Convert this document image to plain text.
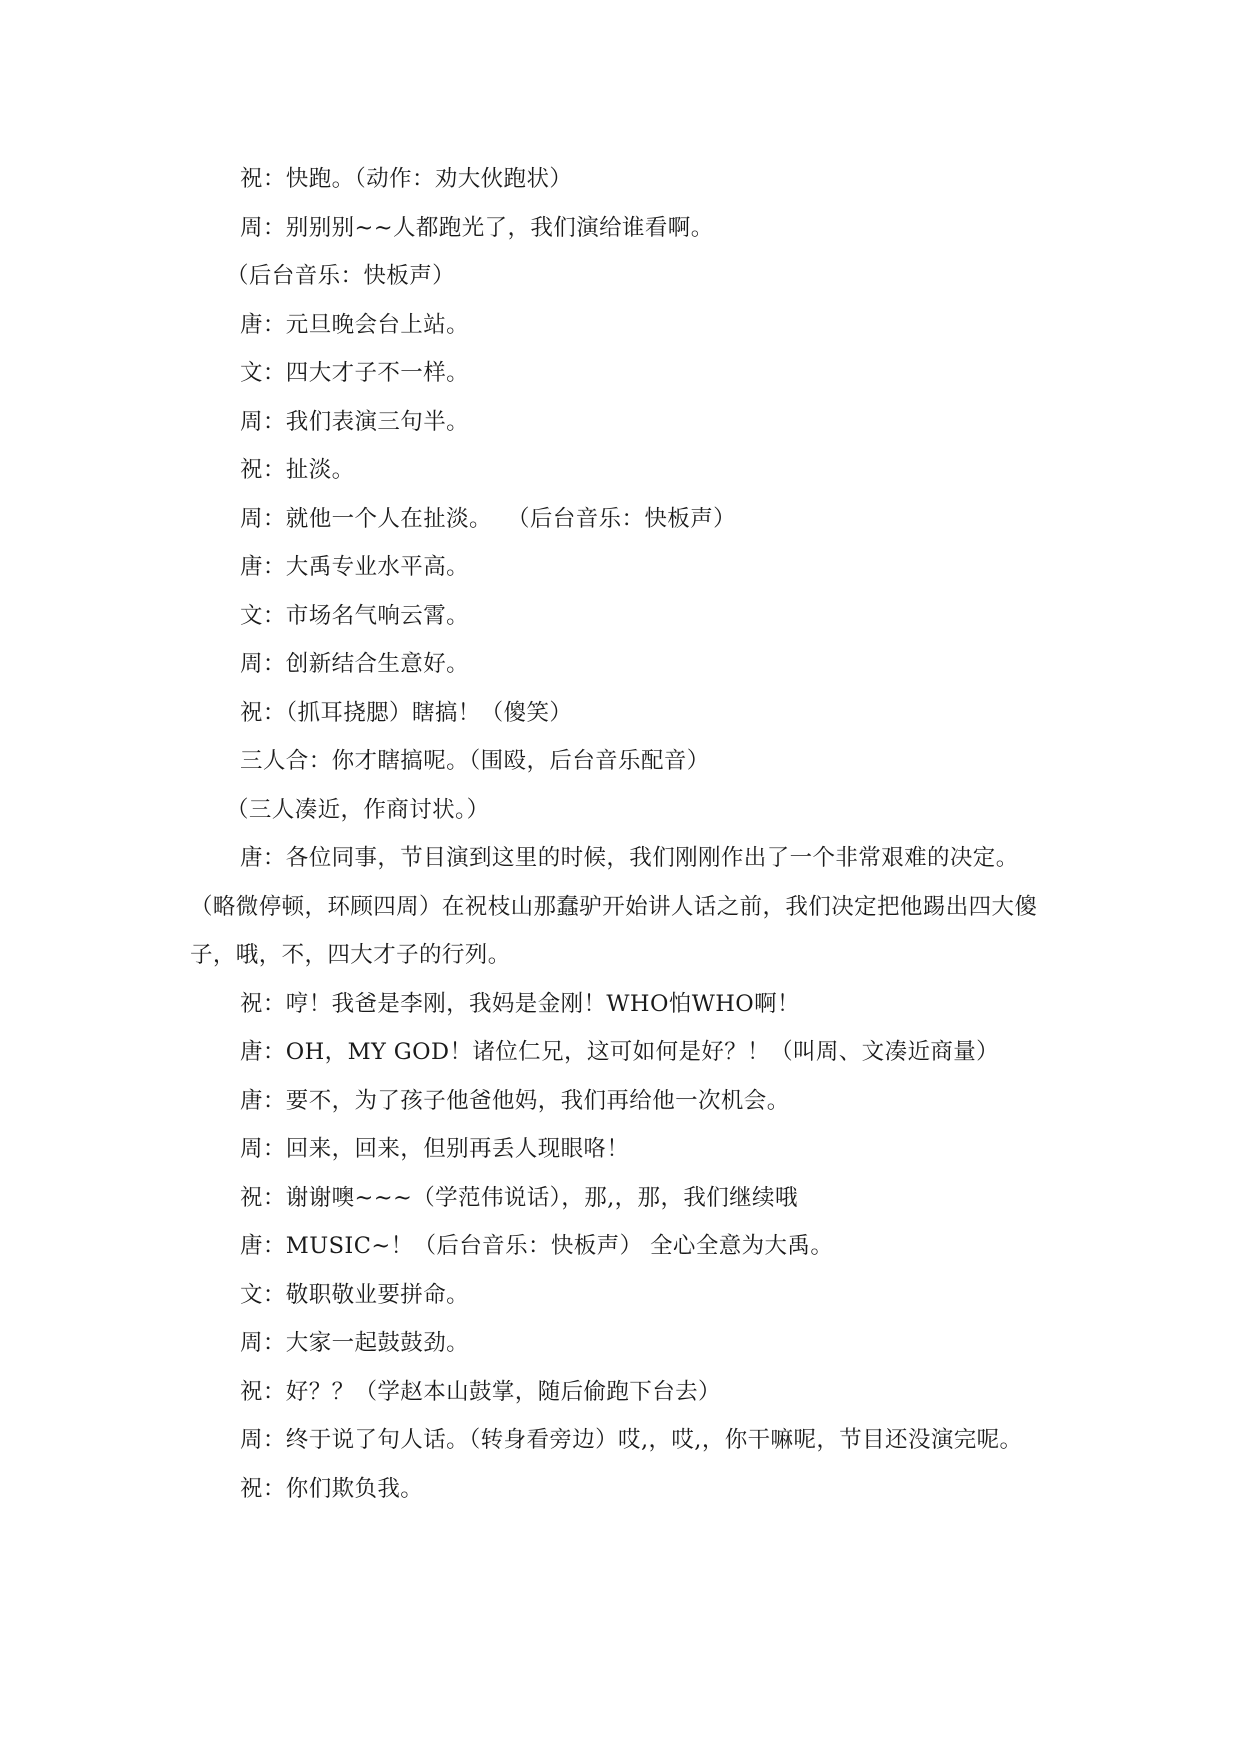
祝：快跑。（动作：劝大伙跑状）

周：别别别~~人都跑光了，我们演给谁看啊。

（后台音乐：快板声）

唐：元旦晚会台上站。

文：四大才子不一样。

周：我们表演三句半。

祝：扯淡。

周：就他一个人在扯淡。  （后台音乐：快板声）

唐：大禹专业水平高。

文：市场名气响云霄。

周：创新结合生意好。

祝：（抓耳挠腮）瞎搞！（傻笑）

三人合：你才瞎搞呢。（围殴，后台音乐配音）

（三人凑近，作商讨状。）

唐：各位同事，节目演到这里的时候，我们刚刚作出了一个非常艰难的决定。（略微停顿，环顾四周）在祝枝山那蠢驴开始讲人话之前，我们决定把他踢出四大傻子，哦，不，四大才子的行列。

祝：哼！我爸是李刚，我妈是金刚！WHO怕WHO啊！

唐：OH，MY GOD！诸位仁兄，这可如何是好？！（叫周、文凑近商量）

唐：要不，为了孩子他爸他妈，我们再给他一次机会。

周：回来，回来，但别再丢人现眼咯！

祝：谢谢噢~~~（学范伟说话），那,，那，我们继续哦

唐：MUSIC~！（后台音乐：快板声） 全心全意为大禹。

文：敬职敬业要拼命。

周：大家一起鼓鼓劲。

祝：好？？（学赵本山鼓掌，随后偷跑下台去）

周：终于说了句人话。（转身看旁边）哎,，哎,，你干嘛呢，节目还没演完呢。

祝：你们欺负我。
